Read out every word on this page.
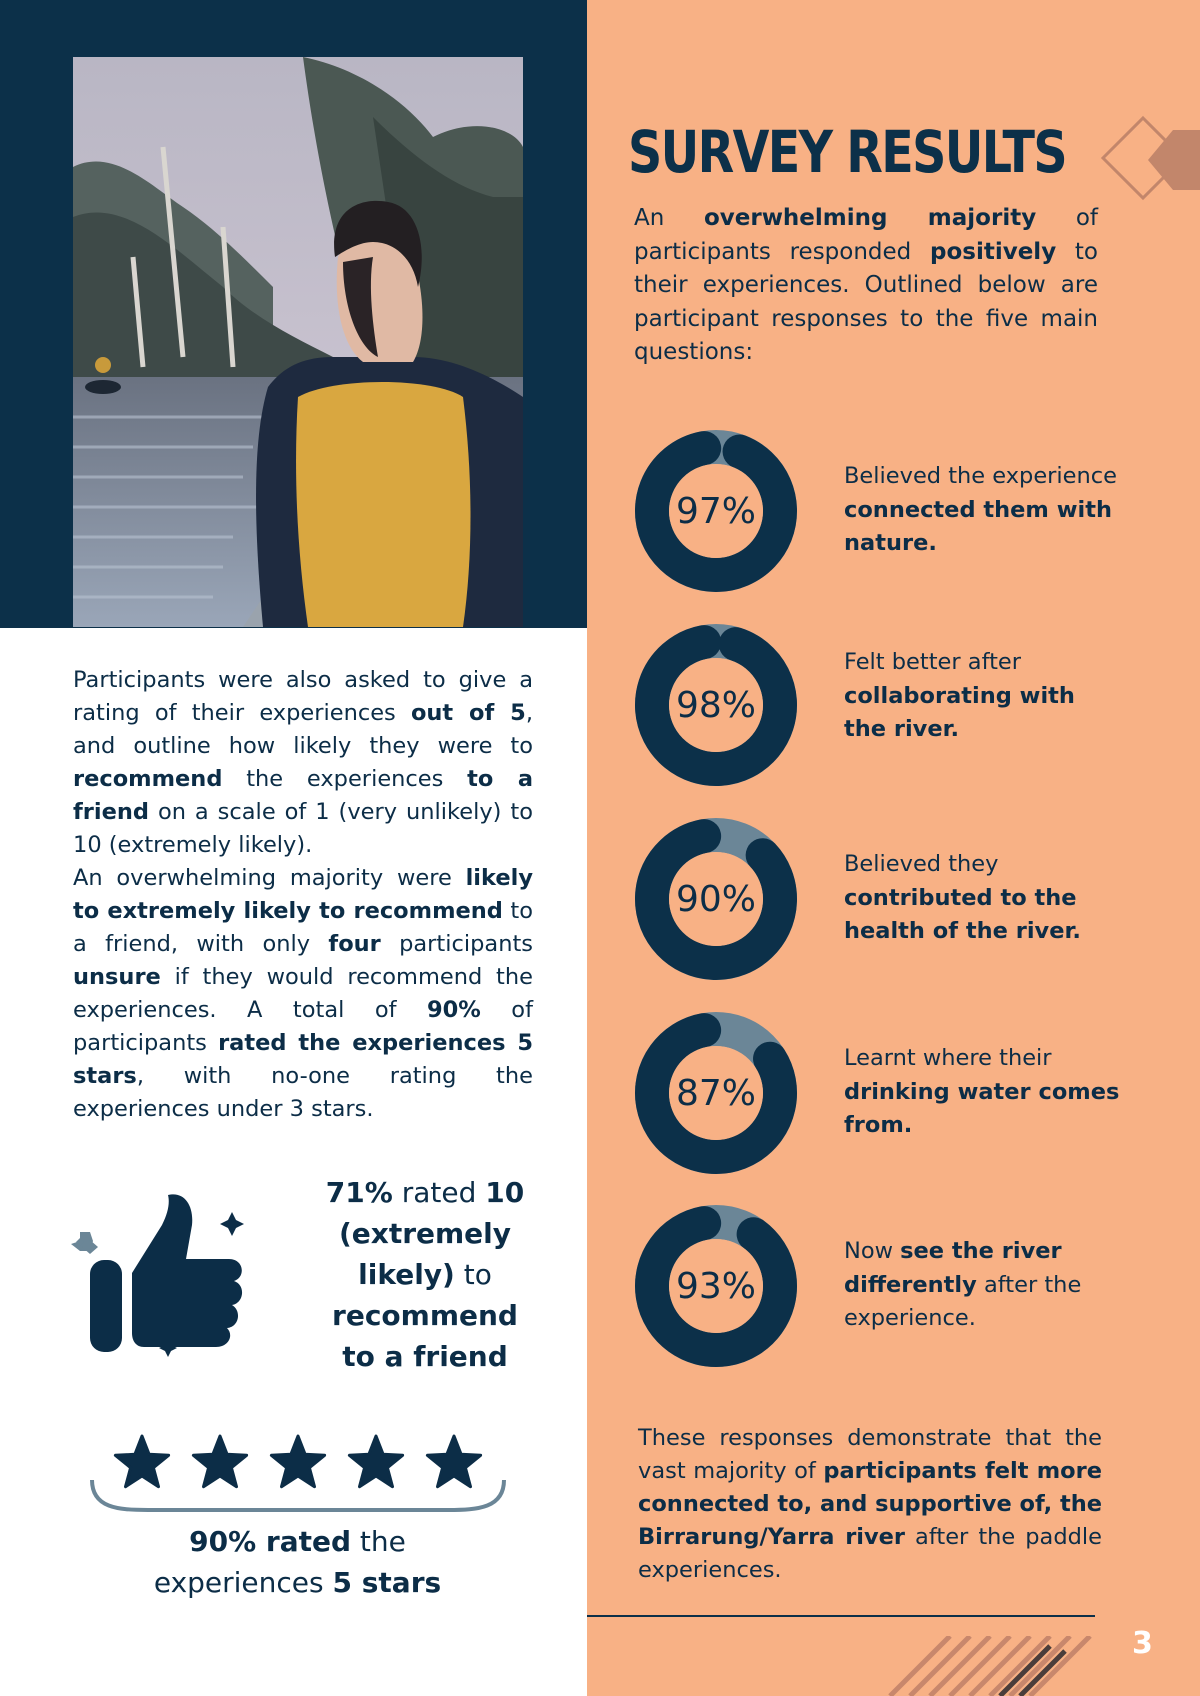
SURVEY RESULTS

An overwhelming majority of participants responded positively to their experiences. Outlined below are participant responses to the five main questions:

Participants were also asked to give a rating of their experiences out of 5, and outline how likely they were to recommend the experiences to a friend on a scale of 1 (very unlikely) to 10 (extremely likely).

An overwhelming majority were likely to extremely likely to recommend to a friend, with only four participants unsure if they would recommend the experiences. A total of 90% of participants rated the experiences 5 stars, with no-one rating the experiences under 3 stars.

97%

Believed the experience connected them with nature.

98%

Felt better after collaborating with the river.

90%

Believed they contributed to the health of the river.

87%

Learnt where their drinking water comes from.

93%

Now see the river differently after the experience.

71% rated 10 (extremely likely) to recommend to a friend

90% rated the experiences 5 stars

These responses demonstrate that the vast majority of participants felt more connected to, and supportive of, the Birrarung/Yarra river after the paddle experiences.

3
